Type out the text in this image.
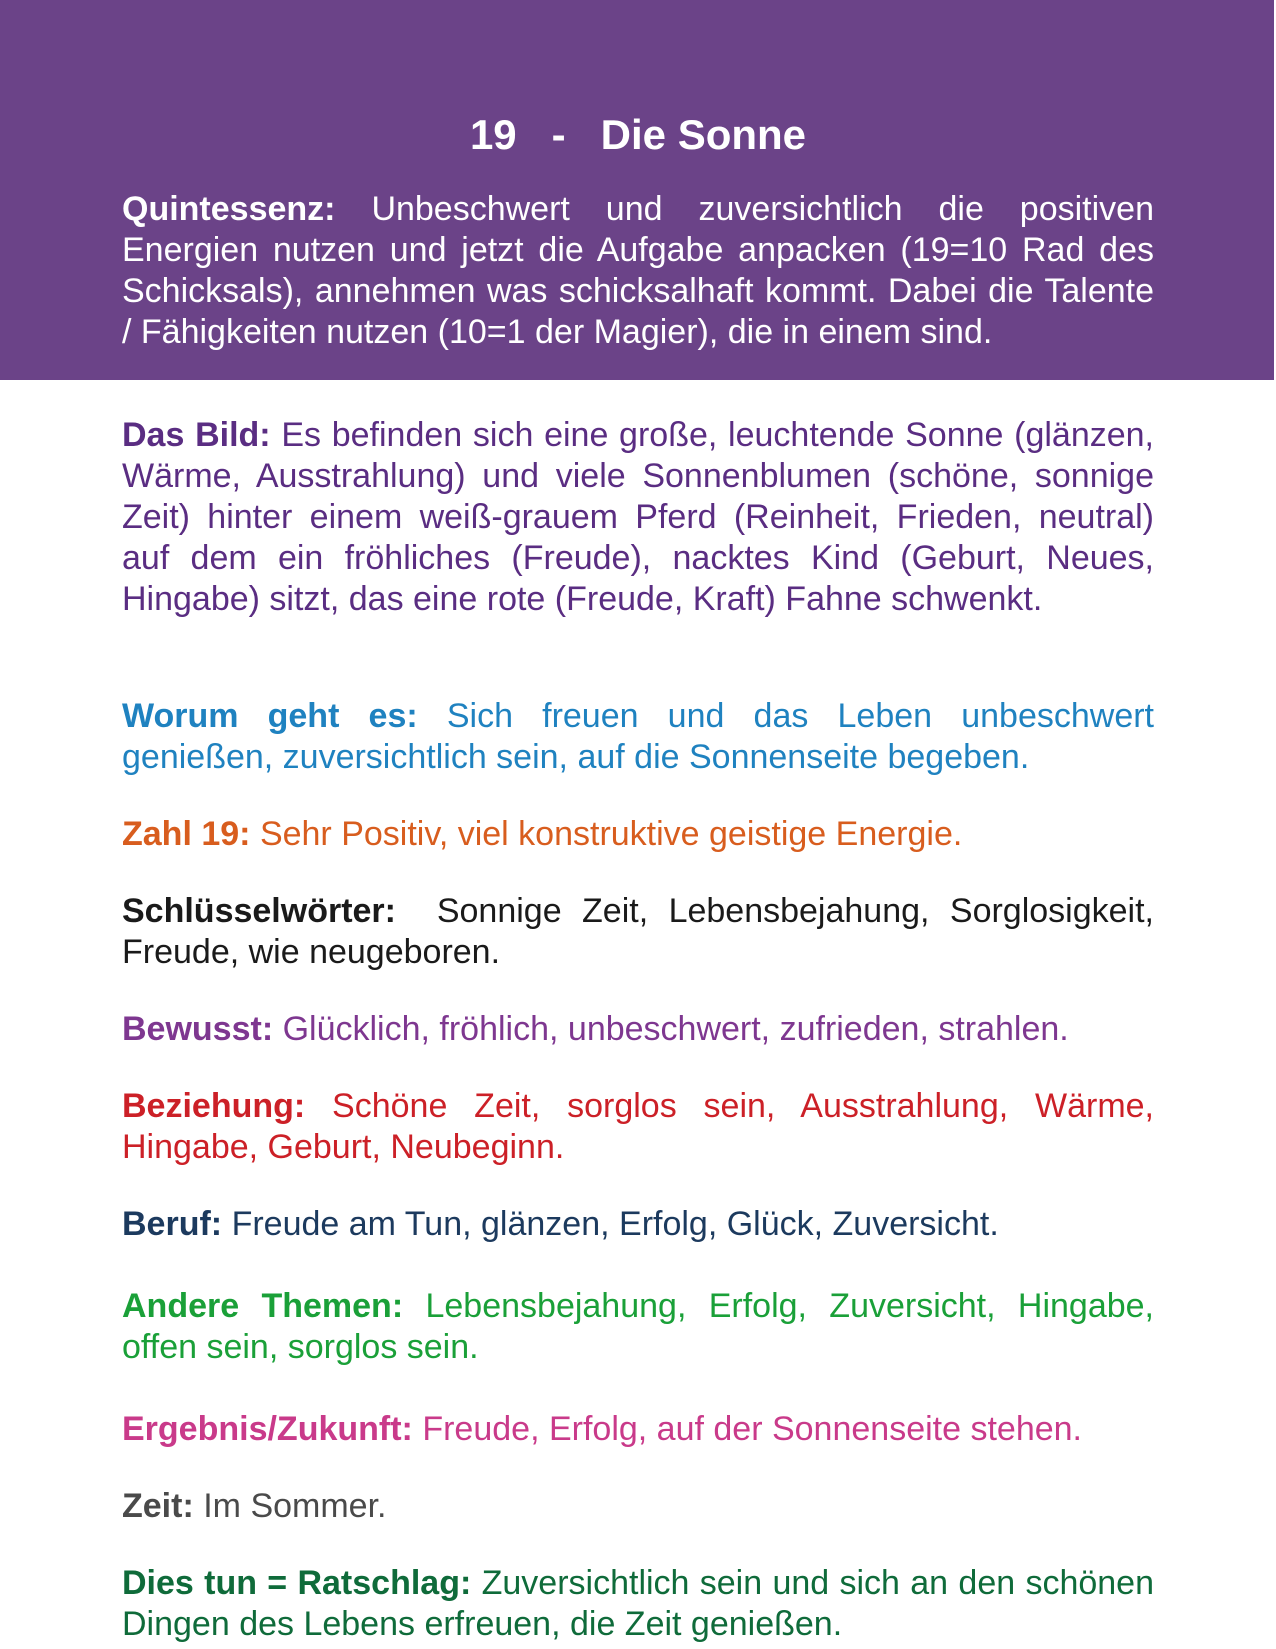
19   -   Die Sonne

Quintessenz: Unbeschwert und zuversichtlich die positiven Energien nutzen und jetzt die Aufgabe anpacken (19=10 Rad des Schicksals), annehmen was schicksalhaft kommt. Dabei die Talente / Fähigkeiten nutzen (10=1 der Magier), die in einem sind.

Das Bild: Es befinden sich eine große, leuchtende Sonne (glänzen, Wärme, Ausstrahlung) und viele Sonnenblumen (schöne, sonnige Zeit) hinter einem weiß-grauem Pferd (Reinheit, Frieden, neutral) auf dem ein fröhliches (Freude), nacktes Kind (Geburt, Neues, Hingabe) sitzt, das eine rote (Freude, Kraft) Fahne schwenkt.

Worum geht es: Sich freuen und das Leben unbeschwert genießen, zuversichtlich sein, auf die Sonnenseite begeben.

Zahl 19: Sehr Positiv, viel konstruktive geistige Energie.

Schlüsselwörter: Sonnige Zeit, Lebensbejahung, Sorglosigkeit, Freude, wie neugeboren.

Bewusst: Glücklich, fröhlich, unbeschwert, zufrieden, strahlen.

Beziehung: Schöne Zeit, sorglos sein, Ausstrahlung, Wärme, Hingabe, Geburt, Neubeginn.

Beruf: Freude am Tun, glänzen, Erfolg, Glück, Zuversicht.

Andere Themen: Lebensbejahung, Erfolg, Zuversicht, Hingabe, offen sein, sorglos sein.

Ergebnis/Zukunft: Freude, Erfolg, auf der Sonnenseite stehen.

Zeit: Im Sommer.

Dies tun = Ratschlag: Zuversichtlich sein und sich an den schönen Dingen des Lebens erfreuen, die Zeit genießen.
